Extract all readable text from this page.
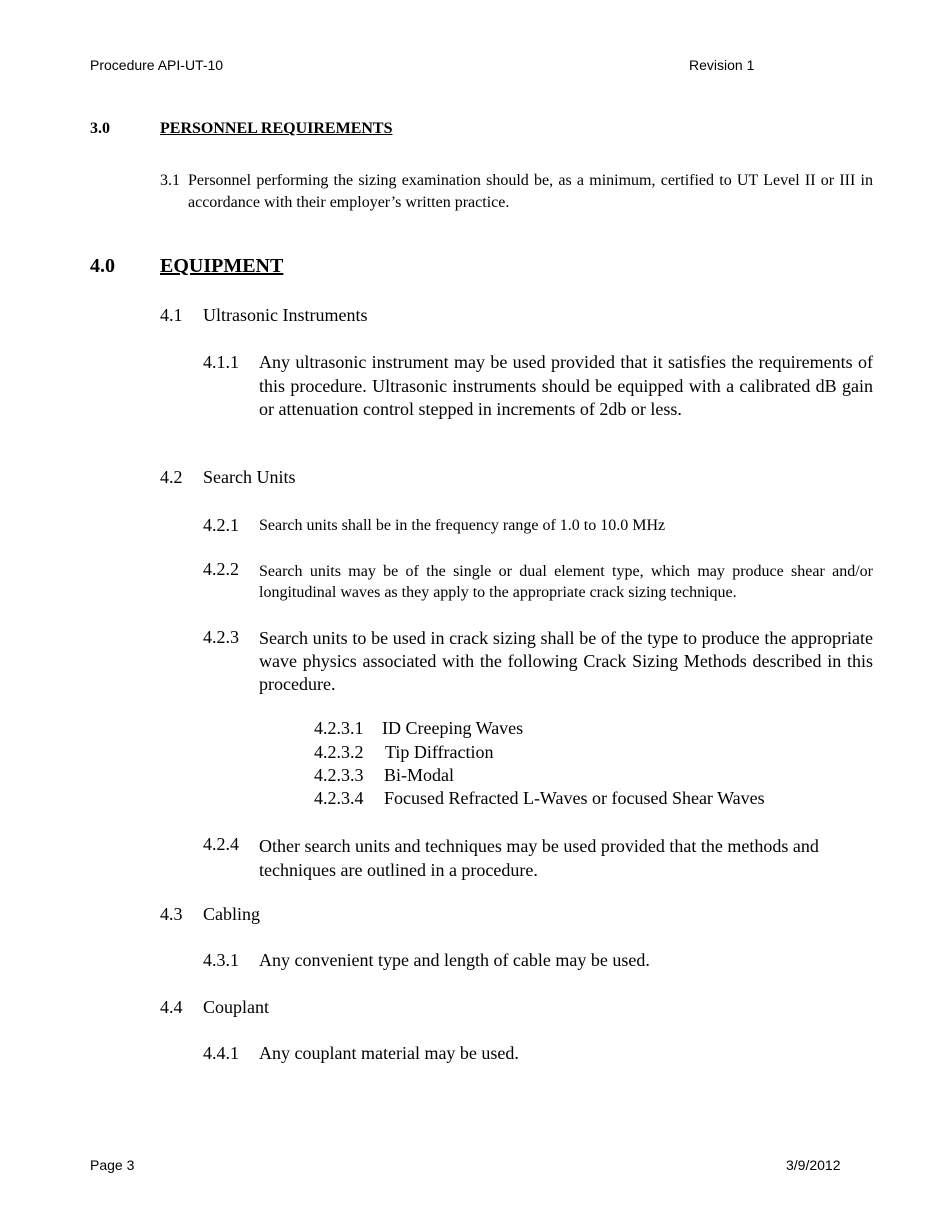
Procedure API-UT-10	Revision 1
3.0	PERSONNEL REQUIREMENTS
3.1 Personnel performing the sizing examination should be, as a minimum, certified to UT Level II or III in accordance with their employer’s written practice.
4.0 EQUIPMENT
4.1 Ultrasonic Instruments
4.1.1 Any ultrasonic instrument may be used provided that it satisfies the requirements of this procedure. Ultrasonic instruments should be equipped with a calibrated dB gain or attenuation control stepped in increments of 2db or less.
4.2 Search Units
4.2.1 Search units shall be in the frequency range of 1.0 to 10.0 MHz
4.2.2 Search units may be of the single or dual element type, which may produce shear and/or longitudinal waves as they apply to the appropriate crack sizing technique.
4.2.3 Search units to be used in crack sizing shall be of the type to produce the appropriate wave physics associated with the following Crack Sizing Methods described in this procedure.
4.2.3.1 ID Creeping Waves
4.2.3.2 Tip Diffraction
4.2.3.3 Bi-Modal
4.2.3.4 Focused Refracted L-Waves or focused Shear Waves
4.2.4 Other search units and techniques may be used provided that the methods and techniques are outlined in a procedure.
4.3 Cabling
4.3.1 Any convenient type and length of cable may be used.
4.4 Couplant
4.4.1 Any couplant material may be used.
Page 3	3/9/2012
